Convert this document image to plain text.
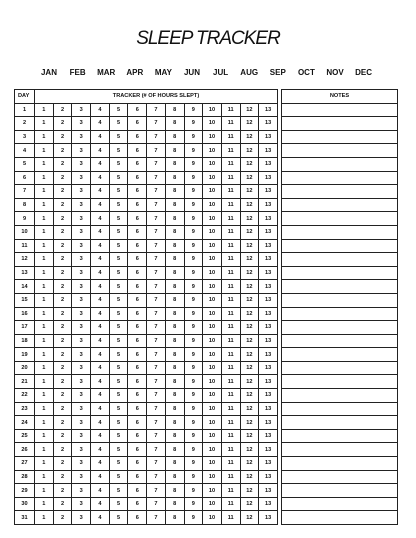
SLEEP TRACKER
JAN	FEB	MAR	APR	MAY	JUN	JUL	AUG	SEP	OCT	NOV	DEC
DAY	TRACKER (# OF HOURS SLEPT)												
1	1	2	3	4	5	6	7	8	9	10	11	12	13
2	1	2	3	4	5	6	7	8	9	10	11	12	13
3	1	2	3	4	5	6	7	8	9	10	11	12	13
4	1	2	3	4	5	6	7	8	9	10	11	12	13
5	1	2	3	4	5	6	7	8	9	10	11	12	13
6	1	2	3	4	5	6	7	8	9	10	11	12	13
7	1	2	3	4	5	6	7	8	9	10	11	12	13
8	1	2	3	4	5	6	7	8	9	10	11	12	13
9	1	2	3	4	5	6	7	8	9	10	11	12	13
10	1	2	3	4	5	6	7	8	9	10	11	12	13
11	1	2	3	4	5	6	7	8	9	10	11	12	13
12	1	2	3	4	5	6	7	8	9	10	11	12	13
13	1	2	3	4	5	6	7	8	9	10	11	12	13
14	1	2	3	4	5	6	7	8	9	10	11	12	13
15	1	2	3	4	5	6	7	8	9	10	11	12	13
16	1	2	3	4	5	6	7	8	9	10	11	12	13
17	1	2	3	4	5	6	7	8	9	10	11	12	13
18	1	2	3	4	5	6	7	8	9	10	11	12	13
19	1	2	3	4	5	6	7	8	9	10	11	12	13
20	1	2	3	4	5	6	7	8	9	10	11	12	13
21	1	2	3	4	5	6	7	8	9	10	11	12	13
22	1	2	3	4	5	6	7	8	9	10	11	12	13
23	1	2	3	4	5	6	7	8	9	10	11	12	13
24	1	2	3	4	5	6	7	8	9	10	11	12	13
25	1	2	3	4	5	6	7	8	9	10	11	12	13
26	1	2	3	4	5	6	7	8	9	10	11	12	13
27	1	2	3	4	5	6	7	8	9	10	11	12	13
28	1	2	3	4	5	6	7	8	9	10	11	12	13
29	1	2	3	4	5	6	7	8	9	10	11	12	13
30	1	2	3	4	5	6	7	8	9	10	11	12	13
31	1	2	3	4	5	6	7	8	9	10	11	12	13
NOTES
